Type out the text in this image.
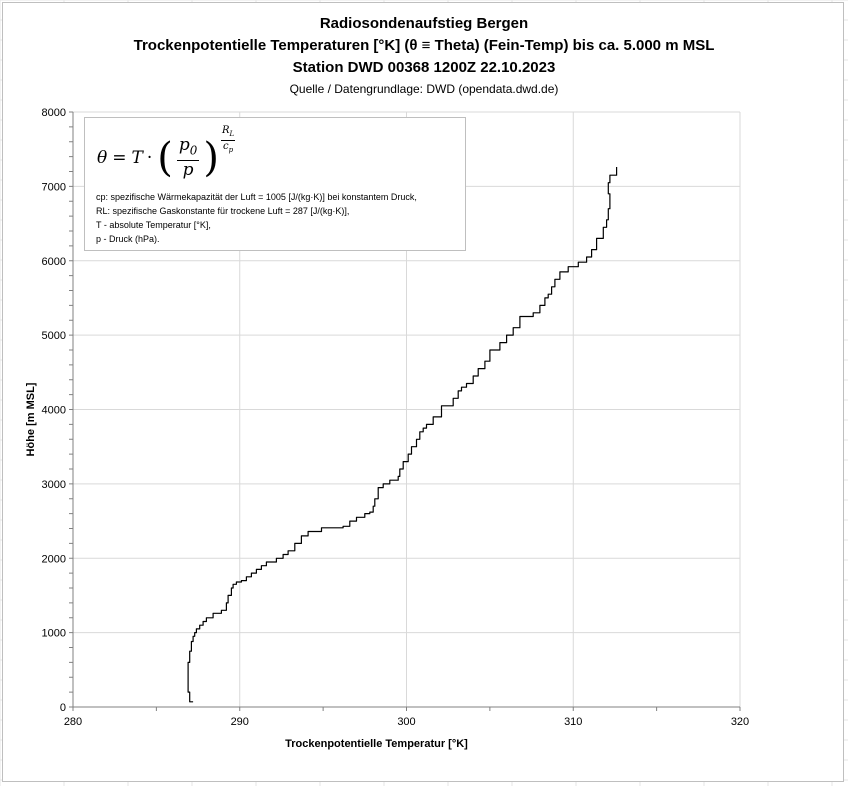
Radiosondenaufstieg Bergen
Trockenpotentielle Temperaturen [°K] (θ ≡ Theta) (Fein-Temp) bis ca. 5.000 m MSL
Station DWD 00368 1200Z 22.10.2023
Quelle / Datengrundlage: DWD (opendata.dwd.de)
280	290	300	310	320
0
1000
2000
3000
4000
5000
6000
7000
8000
Trockenpotentielle Temperatur [°K]
Höhe [m MSL]
θ = T · ( $\frac{p_0}{p}$ ) $\frac{R_L}{c_p}$
cp: spezifische Wärmekapazität der Luft = 1005 [J/(kg·K)] bei konstantem Druck,
RL: spezifische Gaskonstante für trockene Luft = 287 [J/(kg·K)],
T - absolute Temperatur [°K],
p - Druck (hPa).
